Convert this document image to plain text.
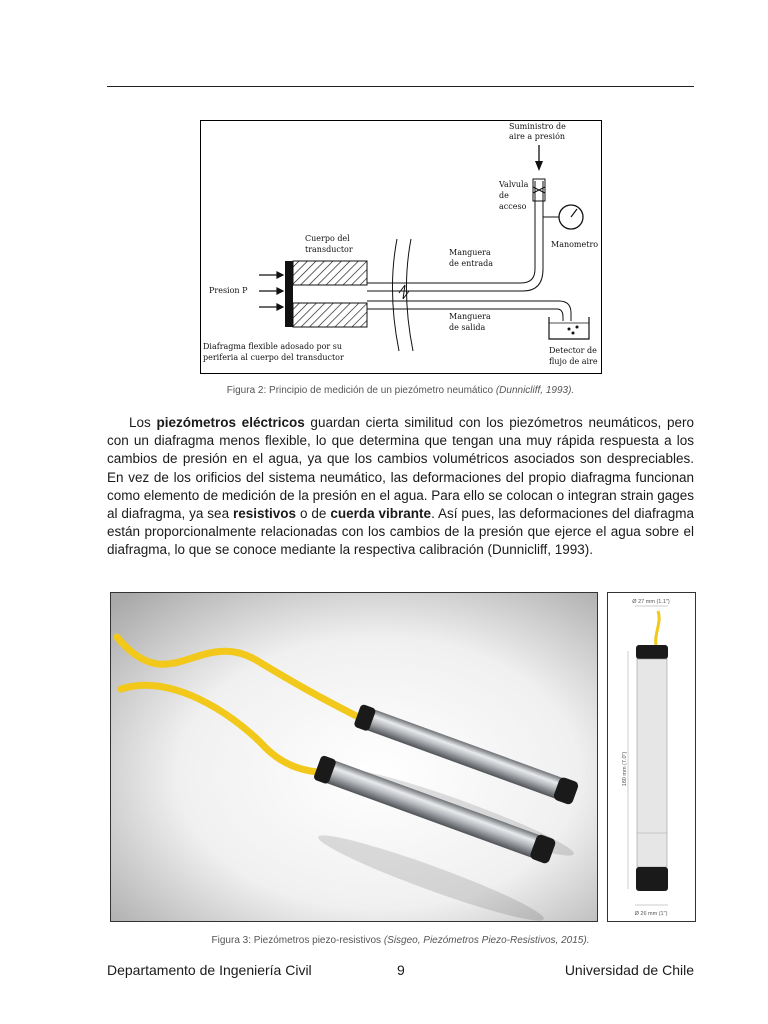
Suministro de
aire a presión
Valvula
de
acceso
Cuerpo del
transductor	Manguera
de entrada
Manometro
Presion P
Manguera
de salida
Diafragma flexible adosado por su
periferia al cuerpo del transductor
Detector de
flujo de aire
Figura 2: Principio de medición de un piezómetro neumático (Dunnicliff, 1993).

Los piezómetros eléctricos guardan cierta similitud con los piezómetros neumáticos, pero con un diafragma menos flexible, lo que determina que tengan una muy rápida respuesta a los cambios de presión en el agua, ya que los cambios volumétricos asociados son despreciables. En vez de los orificios del sistema neumático, las deformaciones del propio diafragma funcionan como elemento de medición de la presión en el agua. Para ello se colocan o integran strain gages al diafragma, ya sea resistivos o de cuerda vibrante. Así pues, las deformaciones del diafragma están proporcionalmente relacionadas con los cambios de la presión que ejerce el agua sobre el diafragma, lo que se conoce mediante la respectiva calibración (Dunnicliff, 1993).

Ø 27 mm (1.1")
180 mm (7.0")
Ø 26 mm (1")
Figura 3: Piezómetros piezo-resistivos (Sisgeo, Piezómetros Piezo-Resistivos, 2015).
Departamento de Ingeniería Civil	9	Universidad de Chile
